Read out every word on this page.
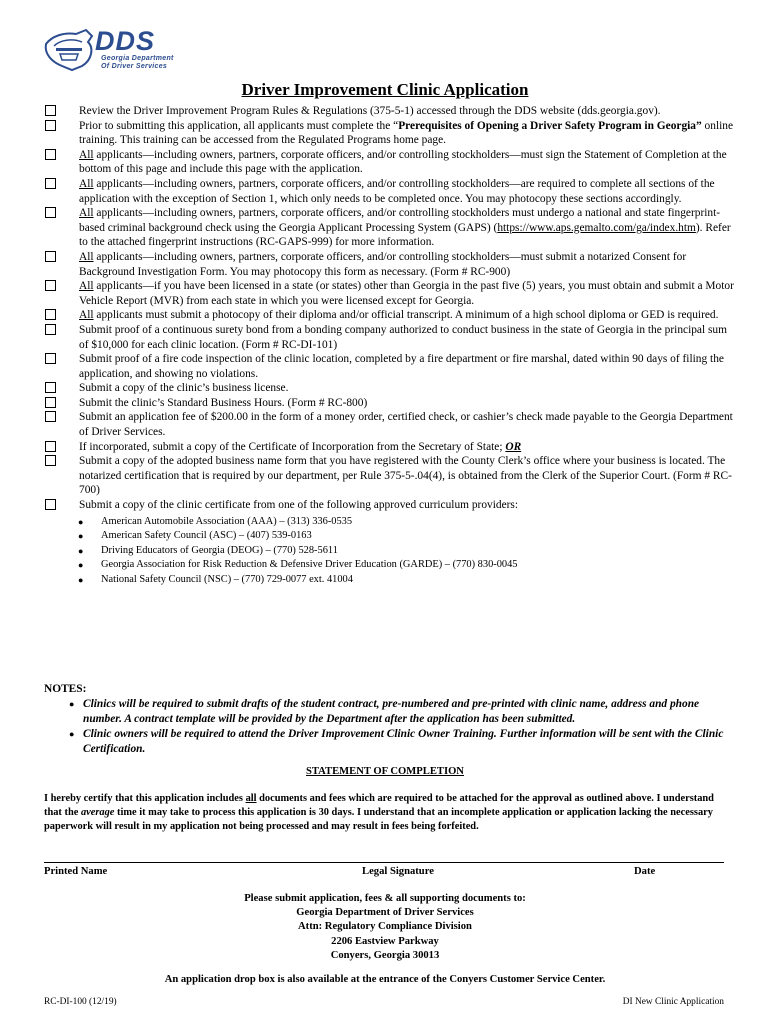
DDS
Georgia Department
Of Driver Services
Driver Improvement Clinic Application
Review the Driver Improvement Program Rules & Regulations (375-5-1) accessed through the DDS website (dds.georgia.gov).
Prior to submitting this application, all applicants must complete the “Prerequisites of Opening a Driver Safety Program in Georgia” online training. This training can be accessed from the Regulated Programs home page.
All applicants—including owners, partners, corporate officers, and/or controlling stockholders—must sign the Statement of Completion at the bottom of this page and include this page with the application.
All applicants—including owners, partners, corporate officers, and/or controlling stockholders—are required to complete all sections of the application with the exception of Section 1, which only needs to be completed once. You may photocopy these sections accordingly.
All applicants—including owners, partners, corporate officers, and/or controlling stockholders must undergo a national and state fingerprint-based criminal background check using the Georgia Applicant Processing System (GAPS) (https://www.aps.gemalto.com/ga/index.htm). Refer to the attached fingerprint instructions (RC-GAPS-999) for more information.
All applicants—including owners, partners, corporate officers, and/or controlling stockholders—must submit a notarized Consent for Background Investigation Form. You may photocopy this form as necessary. (Form # RC-900)
All applicants—if you have been licensed in a state (or states) other than Georgia in the past five (5) years, you must obtain and submit a Motor Vehicle Report (MVR) from each state in which you were licensed except for Georgia.
All applicants must submit a photocopy of their diploma and/or official transcript. A minimum of a high school diploma or GED is required.
Submit proof of a continuous surety bond from a bonding company authorized to conduct business in the state of Georgia in the principal sum of $10,000 for each clinic location. (Form # RC-DI-101)
Submit proof of a fire code inspection of the clinic location, completed by a fire department or fire marshal, dated within 90 days of filing the application, and showing no violations.
Submit a copy of the clinic’s business license.
Submit the clinic’s Standard Business Hours. (Form # RC-800)
Submit an application fee of $200.00 in the form of a money order, certified check, or cashier’s check made payable to the Georgia Department of Driver Services.
If incorporated, submit a copy of the Certificate of Incorporation from the Secretary of State; OR
Submit a copy of the adopted business name form that you have registered with the County Clerk’s office where your business is located. The notarized certification that is required by our department, per Rule 375-5-.04(4), is obtained from the Clerk of the Superior Court. (Form # RC-700)
Submit a copy of the clinic certificate from one of the following approved curriculum providers:
● American Automobile Association (AAA) – (313) 336-0535
● American Safety Council (ASC) – (407) 539-0163
● Driving Educators of Georgia (DEOG) – (770) 528-5611
● Georgia Association for Risk Reduction & Defensive Driver Education (GARDE) – (770) 830-0045
● National Safety Council (NSC) – (770) 729-0077 ext. 41004
NOTES:
● Clinics will be required to submit drafts of the student contract, pre-numbered and pre-printed with clinic name, address and phone number. A contract template will be provided by the Department after the application has been submitted.
● Clinic owners will be required to attend the Driver Improvement Clinic Owner Training. Further information will be sent with the Clinic Certification.
STATEMENT OF COMPLETION
I hereby certify that this application includes all documents and fees which are required to be attached for the approval as outlined above. I understand that the average time it may take to process this application is 30 days. I understand that an incomplete application or application lacking the necessary paperwork will result in my application not being processed and may result in fees being forfeited.
Printed Name	Legal Signature	Date
Please submit application, fees & all supporting documents to:
Georgia Department of Driver Services
Attn: Regulatory Compliance Division
2206 Eastview Parkway
Conyers, Georgia 30013
An application drop box is also available at the entrance of the Conyers Customer Service Center.
RC-DI-100 (12/19)	DI New Clinic Application
